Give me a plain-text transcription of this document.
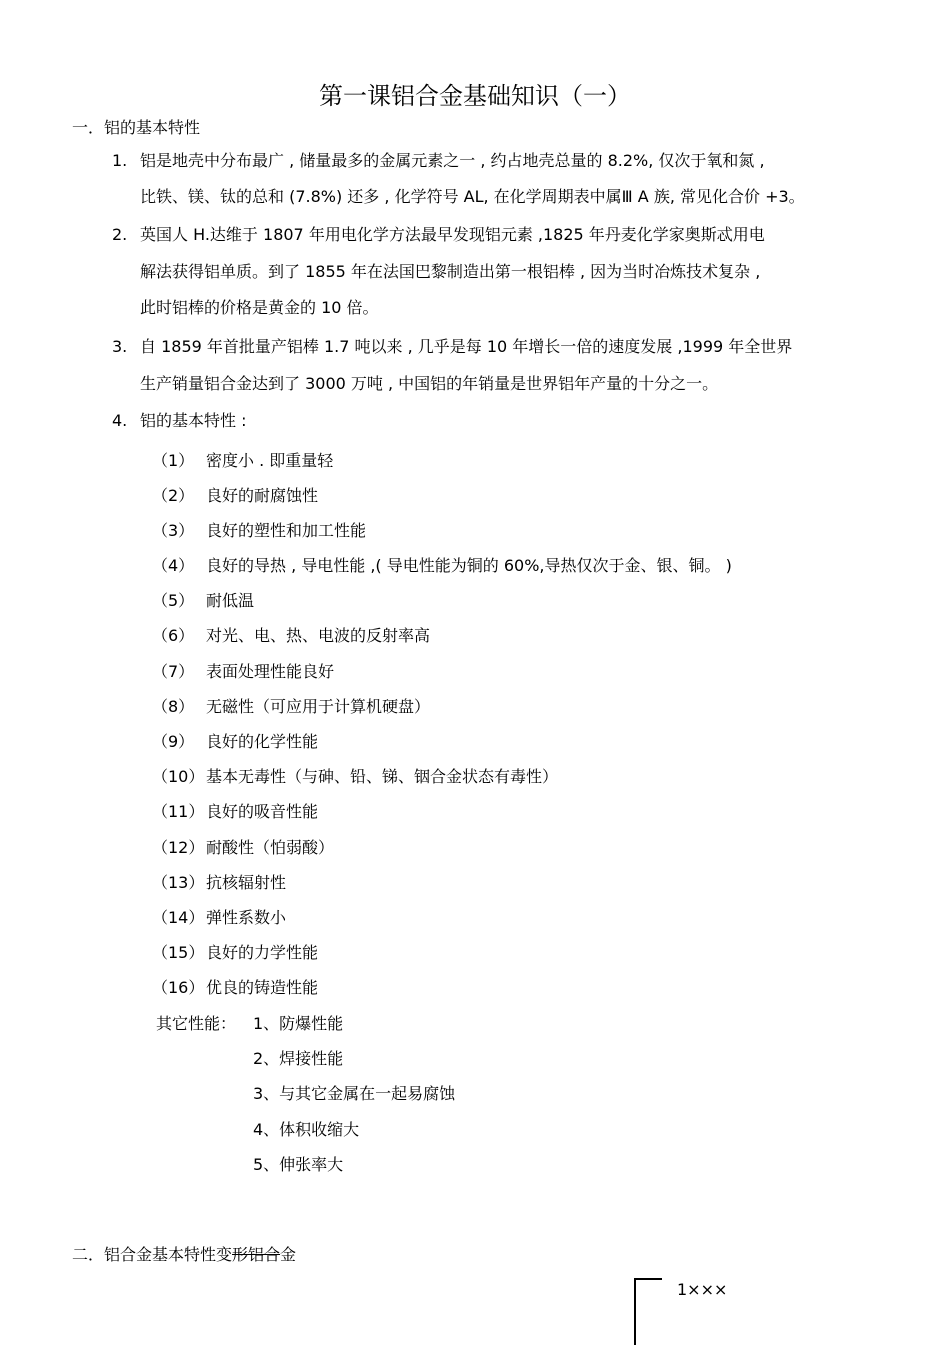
第一课铝合金基础知识（一）
一．铝的基本特性
1. 铝是地壳中分布最广 , 储量最多的金属元素之一 , 约占地壳总量的 8.2%, 仅次于氧和氮 ,
比铁、镁、钛的总和 (7.8%) 还多 , 化学符号 AL, 在化学周期表中属Ⅲ A 族, 常见化合价 +3。
2. 英国人 H.达维于 1807 年用电化学方法最早发现铝元素 ,1825 年丹麦化学家奥斯忒用电
解法获得铝单质。到了 1855 年在法国巴黎制造出第一根铝棒 , 因为当时冶炼技术复杂 ,
此时铝棒的价格是黄金的 10 倍。
3. 自 1859 年首批量产铝棒 1.7 吨以来 , 几乎是每 10 年增长一倍的速度发展 ,1999 年全世界
生产销量铝合金达到了 3000 万吨 , 中国铝的年销量是世界铝年产量的十分之一。
4. 铝的基本特性 :
（1） 密度小 . 即重量轻
（2） 良好的耐腐蚀性
（3） 良好的塑性和加工性能
（4） 良好的导热 , 导电性能 ,( 导电性能为铜的 60%,导热仅次于金、银、铜。 )
（5） 耐低温
（6） 对光、电、热、电波的反射率高
（7） 表面处理性能良好
（8） 无磁性（可应用于计算机硬盘）
（9） 良好的化学性能
（10） 基本无毒性（与砷、铅、锑、铟合金状态有毒性）
（11） 良好的吸音性能
（12） 耐酸性（怕弱酸）
（13） 抗核辐射性
（14） 弹性系数小
（15） 良好的力学性能
（16） 优良的铸造性能
其它性能： 1、防爆性能
2、焊接性能
3、与其它金属在一起易腐蚀
4、体积收缩大
5、伸张率大
二．铝合金基本特性变形铝合金
1×××
